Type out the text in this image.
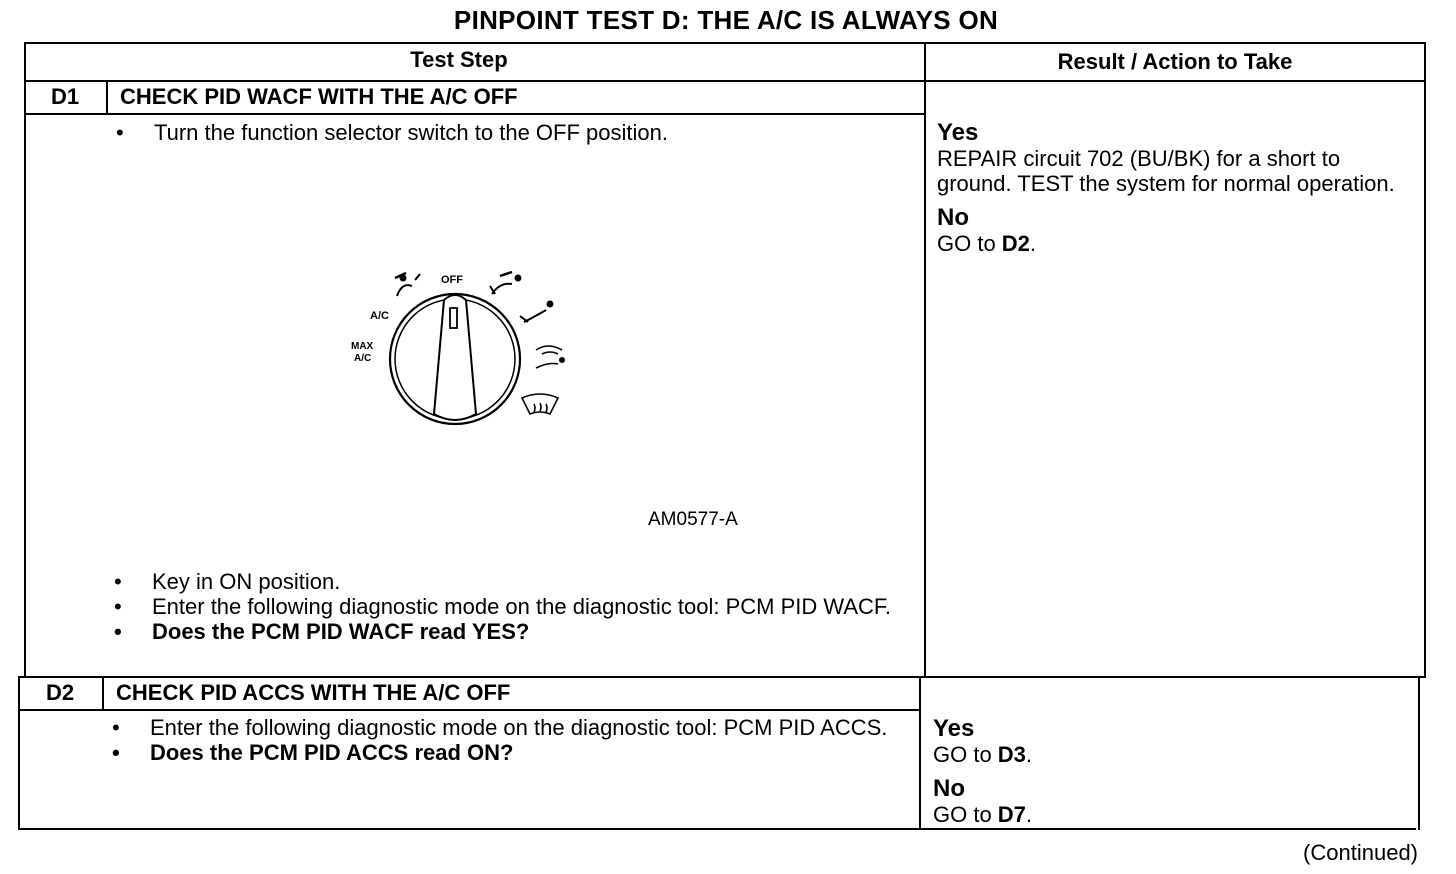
PINPOINT TEST D: THE A/C IS ALWAYS ON
Test Step	Result / Action to Take
D1	CHECK PID WACF WITH THE A/C OFF
• Turn the function selector switch to the OFF position.
• Key in ON position.
• Enter the following diagnostic mode on the diagnostic tool: PCM PID WACF.
• Does the PCM PID WACF read YES?
AM0577-A
Yes
REPAIR circuit 702 (BU/BK) for a short to ground. TEST the system for normal operation.
No
GO to D2.
D2	CHECK PID ACCS WITH THE A/C OFF
• Enter the following diagnostic mode on the diagnostic tool: PCM PID ACCS.
• Does the PCM PID ACCS read ON?
Yes
GO to D3.
No
GO to D7.
OFF
A/C
MAX
A/C
(Continued)
